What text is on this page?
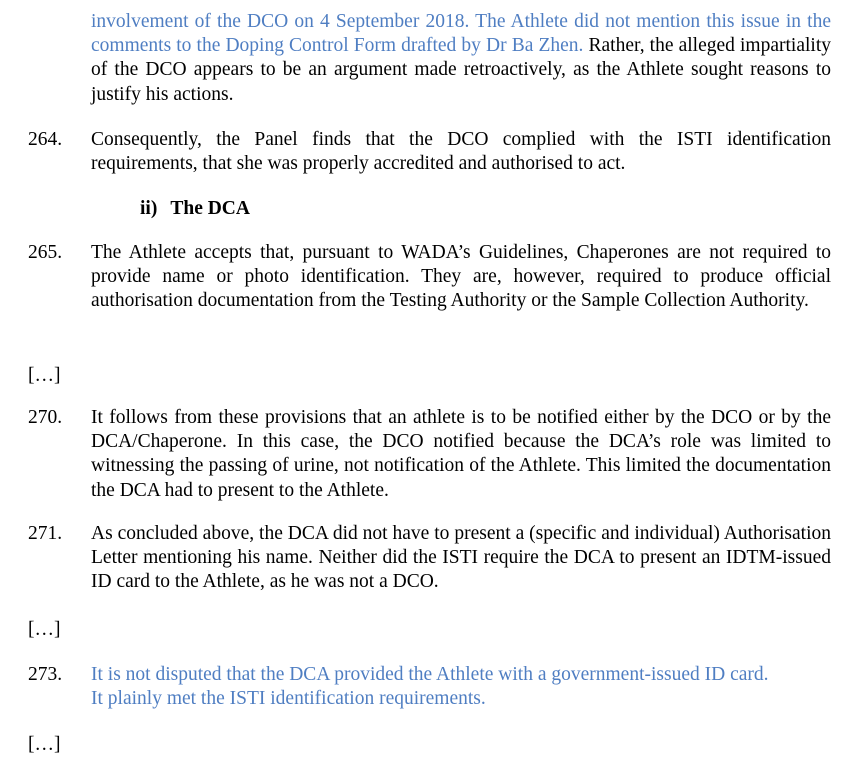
involvement of the DCO on 4 September 2018. The Athlete did not mention this issue in the comments to the Doping Control Form drafted by Dr Ba Zhen. Rather, the alleged impartiality of the DCO appears to be an argument made retroactively, as the Athlete sought reasons to justify his actions.
264. Consequently, the Panel finds that the DCO complied with the ISTI identification requirements, that she was properly accredited and authorised to act.
ii) The DCA
265. The Athlete accepts that, pursuant to WADA’s Guidelines, Chaperones are not required to provide name or photo identification. They are, however, required to produce official authorisation documentation from the Testing Authority or the Sample Collection Authority.
[…]
270. It follows from these provisions that an athlete is to be notified either by the DCO or by the DCA/Chaperone. In this case, the DCO notified because the DCA’s role was limited to witnessing the passing of urine, not notification of the Athlete. This limited the documentation the DCA had to present to the Athlete.
271. As concluded above, the DCA did not have to present a (specific and individual) Authorisation Letter mentioning his name. Neither did the ISTI require the DCA to present an IDTM-issued ID card to the Athlete, as he was not a DCO.
[…]
273. It is not disputed that the DCA provided the Athlete with a government-issued ID card.
It plainly met the ISTI identification requirements.
[…]
